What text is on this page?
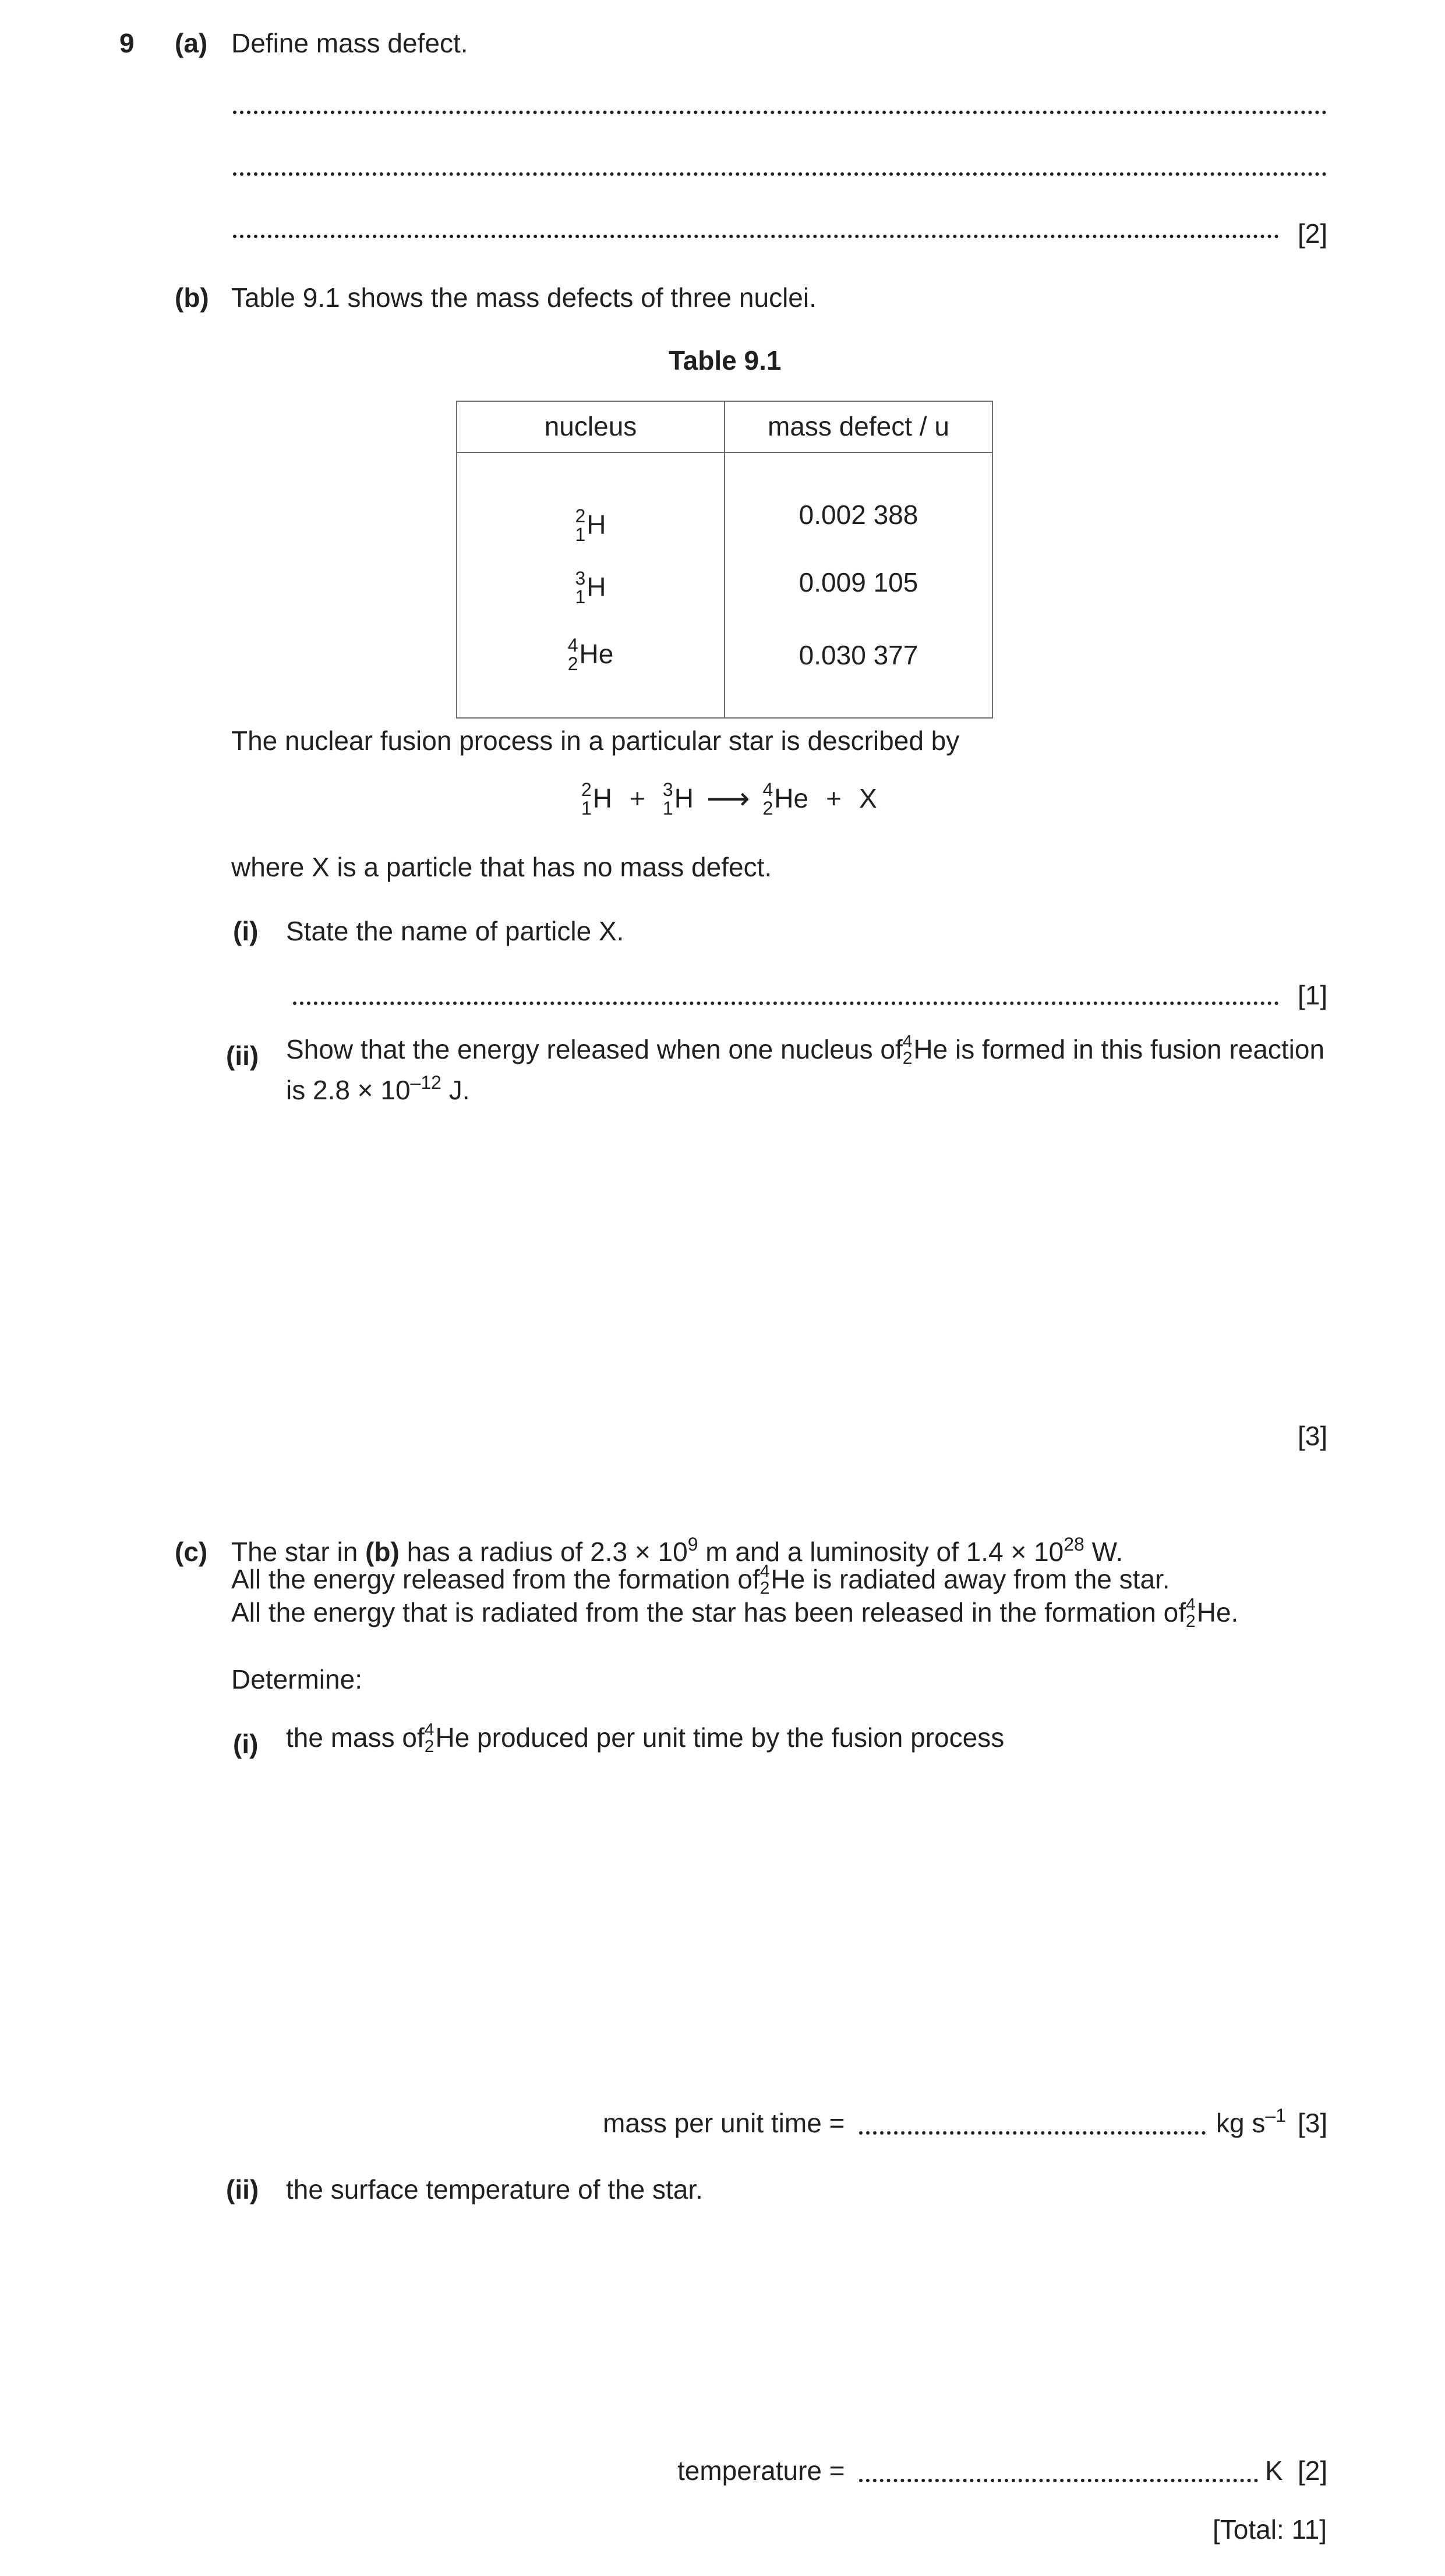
9 (a) Define mass defect.
[2]
(b) Table 9.1 shows the mass defects of three nuclei.
Table 9.1
nucleus	mass defect / u

2
1 H	0.002 388

3
1 H	0.009 105

4
2 He	0.030 377
The nuclear fusion process in a particular star is described by
2
1 H + 3
1 H ⟶ 4
2 He + X
where X is a particle that has no mass defect.
(i) State the name of particle X.
[1]
(ii) Show that the energy released when one nucleus of 4
2 He is formed in this fusion reaction
is $2.8 \times 10^{-12}$ J.
[3]
(c) The star in (b) has a radius of $2.3 \times 10^9$ m and a luminosity of $1.4 \times 10^{28}$ W.
All the energy released from the formation of 4
2 He is radiated away from the star.
All the energy that is radiated from the star has been released in the formation of 4
2 He.
Determine:
(i) the mass of 4
2 He produced per unit time by the fusion process
mass per unit time =	kg $s^{-1}$ [3]
(ii) the surface temperature of the star.
temperature =	K [2]
[Total: 11]
